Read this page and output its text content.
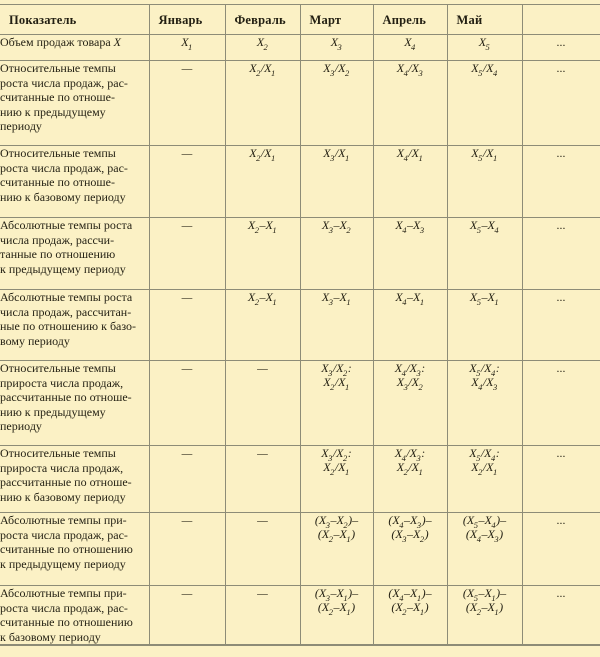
Показатель	Январь	Февраль	Март	Апрель	Май	
Объем продаж товара X	$X_1$	$X_2$	$X_3$	$X_4$	$X_5$	...
Относительные темпы
роста числа продаж, рас-
считанные по отноше-
нию к предыдущему
периоду	—	$X_2/X_1$	$X_3/X_2$	$X_4/X_3$	$X_5/X_4$	...
Относительные темпы
роста числа продаж, рас-
считанные по отноше-
нию к базовому периоду	—	$X_2/X_1$	$X_3/X_1$	$X_4/X_1$	$X_5/X_1$	...
Абсолютные темпы роста
числа продаж, рассчи-
танные по отношению
к предыдущему периоду	—	$X_2-X_1$	$X_3-X_2$	$X_4-X_3$	$X_5-X_4$	...
Абсолютные темпы роста
числа продаж, рассчитан-
ные по отношению к базо-
вому периоду	—	$X_2-X_1$	$X_3-X_1$	$X_4-X_1$	$X_5-X_1$	...
Относительные темпы
прироста числа продаж,
рассчитанные по отноше-
нию к предыдущему
периоду	—	—	$X_3/X_2$:
$X_2/X_1$	$X_4/X_3$:
$X_3/X_2$	$X_5/X_4$:
$X_4/X_3$	...
Относительные темпы
прироста числа продаж,
рассчитанные по отноше-
нию к базовому периоду	—	—	$X_3/X_2$:
$X_2/X_1$	$X_4/X_3$:
$X_2/X_1$	$X_5/X_4$:
$X_2/X_1$	...
Абсолютные темпы при-
роста числа продаж, рас-
считанные по отношению
к предыдущему периоду	—	—	$(X_3-X_2)-$
$(X_2-X_1)$	$(X_4-X_3)-$
$(X_3-X_2)$	$(X_5-X_4)-$
$(X_4-X_3)$	...
Абсолютные темпы при-
роста числа продаж, рас-
считанные по отношению
к базовому периоду	—	—	$(X_3-X_1)-$
$(X_2-X_1)$	$(X_4-X_1)-$
$(X_2-X_1)$	$(X_5-X_1)-$
$(X_2-X_1)$	...
